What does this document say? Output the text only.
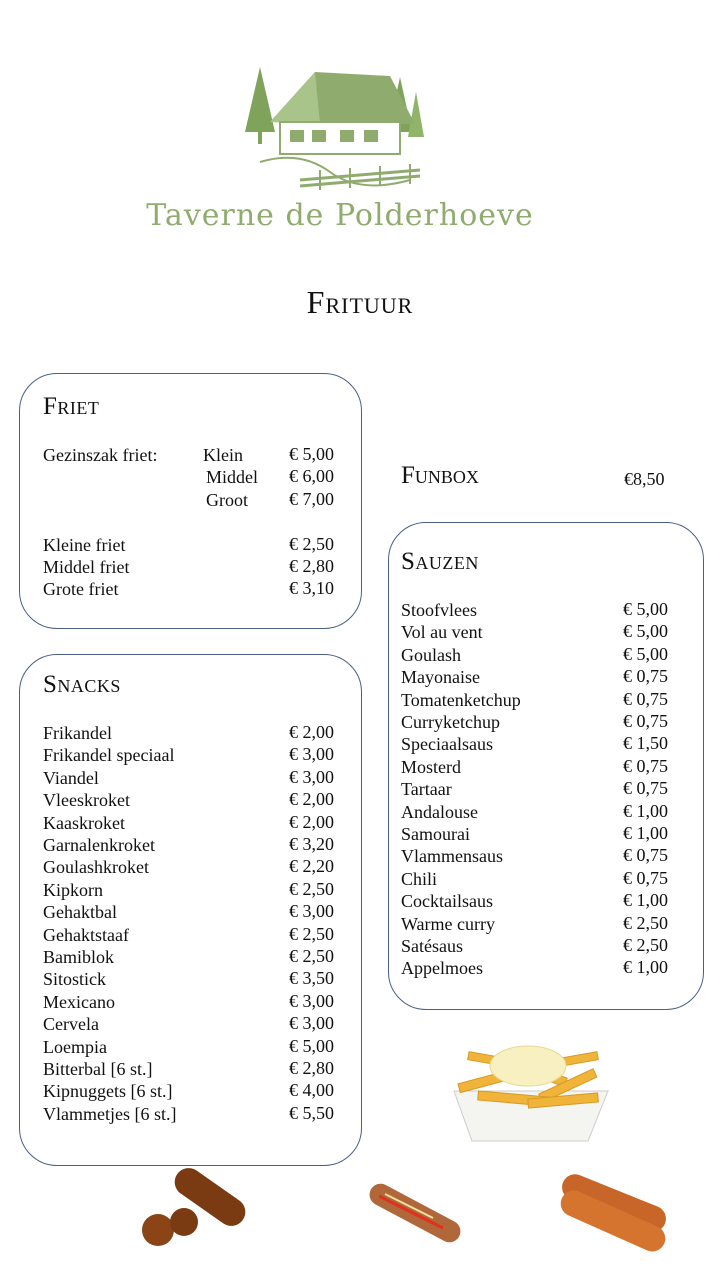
Taverne de Polderhoeve
Frituur
Friet
Gezinszak friet:	Klein	€ 5,00
Middel € 6,00
Groot € 7,00
Kleine friet	€ 2,50
Middel friet	€ 2,80
Grote friet	€ 3,10
Funbox	€8,50
Snacks
Frikandel	€ 2,00
Frikandel speciaal	€ 3,00
Viandel	€ 3,00
Vleeskroket	€ 2,00
Kaaskroket	€ 2,00
Garnalenkroket	€ 3,20
Goulashkroket	€ 2,20
Kipkorn	€ 2,50
Gehaktbal	€ 3,00
Gehaktstaaf	€ 2,50
Bamiblok	€ 2,50
Sitostick	€ 3,50
Mexicano	€ 3,00
Cervela	€ 3,00
Loempia	€ 5,00
Bitterbal [6 st.]	€ 2,80
Kipnuggets [6 st.]	€ 4,00
Vlammetjes [6 st.]	€ 5,50
Sauzen
Stoofvlees	€ 5,00
Vol au vent	€ 5,00
Goulash	€ 5,00
Mayonaise	€ 0,75
Tomatenketchup	€ 0,75
Curryketchup	€ 0,75
Speciaalsaus	€ 1,50
Mosterd	€ 0,75
Tartaar	€ 0,75
Andalouse	€ 1,00
Samourai	€ 1,00
Vlammensaus	€ 0,75
Chili	€ 0,75
Cocktailsaus	€ 1,00
Warme curry	€ 2,50
Satésaus	€ 2,50
Appelmoes	€ 1,00
